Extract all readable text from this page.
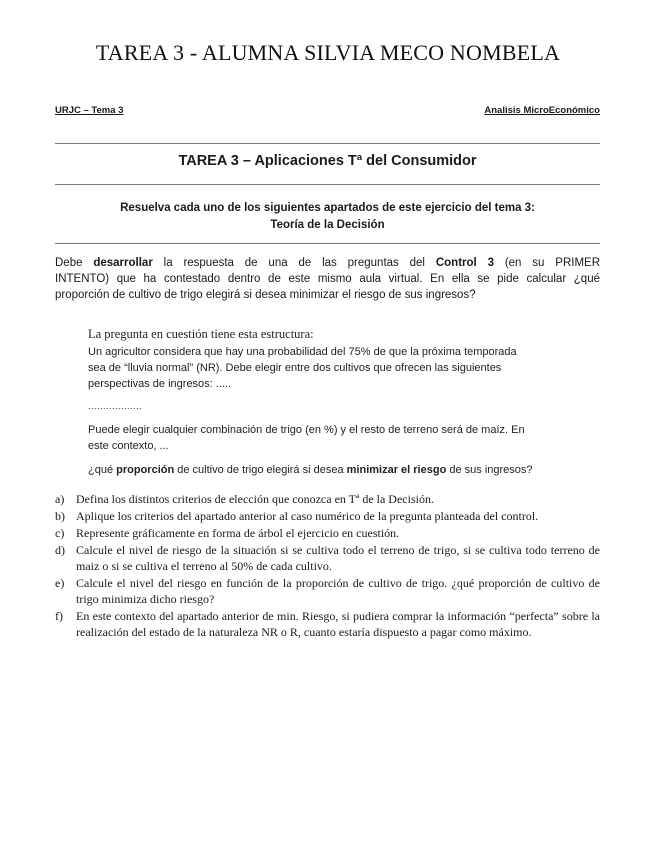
TAREA 3 - ALUMNA SILVIA MECO NOMBELA
URJC – Tema 3	Analisis MicroEconómico
TAREA 3 – Aplicaciones Tª del Consumidor
Resuelva cada uno de los siguientes apartados de este ejercicio del tema 3:
Teoría de la Decisión
Debe desarrollar la respuesta de una de las preguntas del Control 3 (en su PRIMER
INTENTO) que ha contestado dentro de este mismo aula virtual. En ella se pide calcular ¿qué
proporción de cultivo de trigo elegirá si desea minimizar el riesgo de sus ingresos?
La pregunta en cuestión tiene esta estructura:
Un agricultor considera que hay una probabilidad del 75% de que la próxima temporada
sea de “lluvia normal” (NR). Debe elegir entre dos cultivos que ofrecen las siguientes
perspectivas de ingresos: .....
..................
Puede elegir cualquier combinación de trigo (en %) y el resto de terreno será de maíz. En
este contexto, ...
¿qué proporción de cultivo de trigo elegirá si desea minimizar el riesgo de sus ingresos?
a) Defina los distintos criterios de elección que conozca en Tª de la Decisión.
b) Aplique los criterios del apartado anterior al caso numérico de la pregunta planteada del control.
c) Represente gráficamente en forma de árbol el ejercicio en cuestión.
d) Calcule el nivel de riesgo de la situación si se cultiva todo el terreno de trigo, si se cultiva todo terreno de maiz o si se cultiva el terreno al 50% de cada cultivo.
e) Calcule el nivel del riesgo en función de la proporción de cultivo de trigo. ¿qué proporción de cultivo de trigo minimiza dicho riesgo?
f) En este contexto del apartado anterior de min. Riesgo, si pudiera comprar la información “perfecta” sobre la realización del estado de la naturaleza NR o R, cuanto estaría dispuesto a pagar como máximo.
